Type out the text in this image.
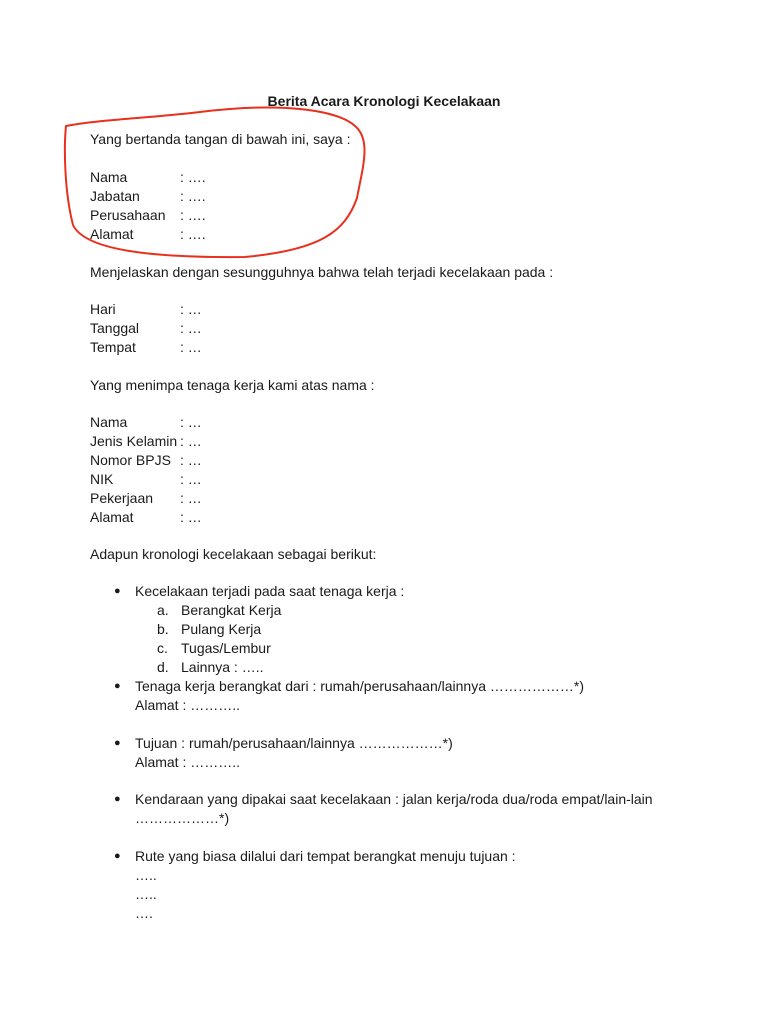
Berita Acara Kronologi Kecelakaan
Yang bertanda tangan di bawah ini, saya :
Nama	: ….
Jabatan	: ….
Perusahaan : ….
Alamat	: ….
Menjelaskan dengan sesungguhnya bahwa telah terjadi kecelakaan pada :
Hari	: …
Tanggal	: …
Tempat	: …
Yang menimpa tenaga kerja kami atas nama :
Nama	: …
Jenis Kelamin : …
Nomor BPJS : …
NIK	: …
Pekerjaan : …
Alamat	: …
Adapun kronologi kecelakaan sebagai berikut:
● Kecelakaan terjadi pada saat tenaga kerja :
a. Berangkat Kerja
b. Pulang Kerja
c. Tugas/Lembur
d. Lainnya : …..
● Tenaga kerja berangkat dari : rumah/perusahaan/lainnya ………………*)
Alamat : ………..
● Tujuan : rumah/perusahaan/lainnya ………………*)
Alamat : ………..
● Kendaraan yang dipakai saat kecelakaan : jalan kerja/roda dua/roda empat/lain-lain
………………*)
● Rute yang biasa dilalui dari tempat berangkat menuju tujuan :
…..
…..
….
